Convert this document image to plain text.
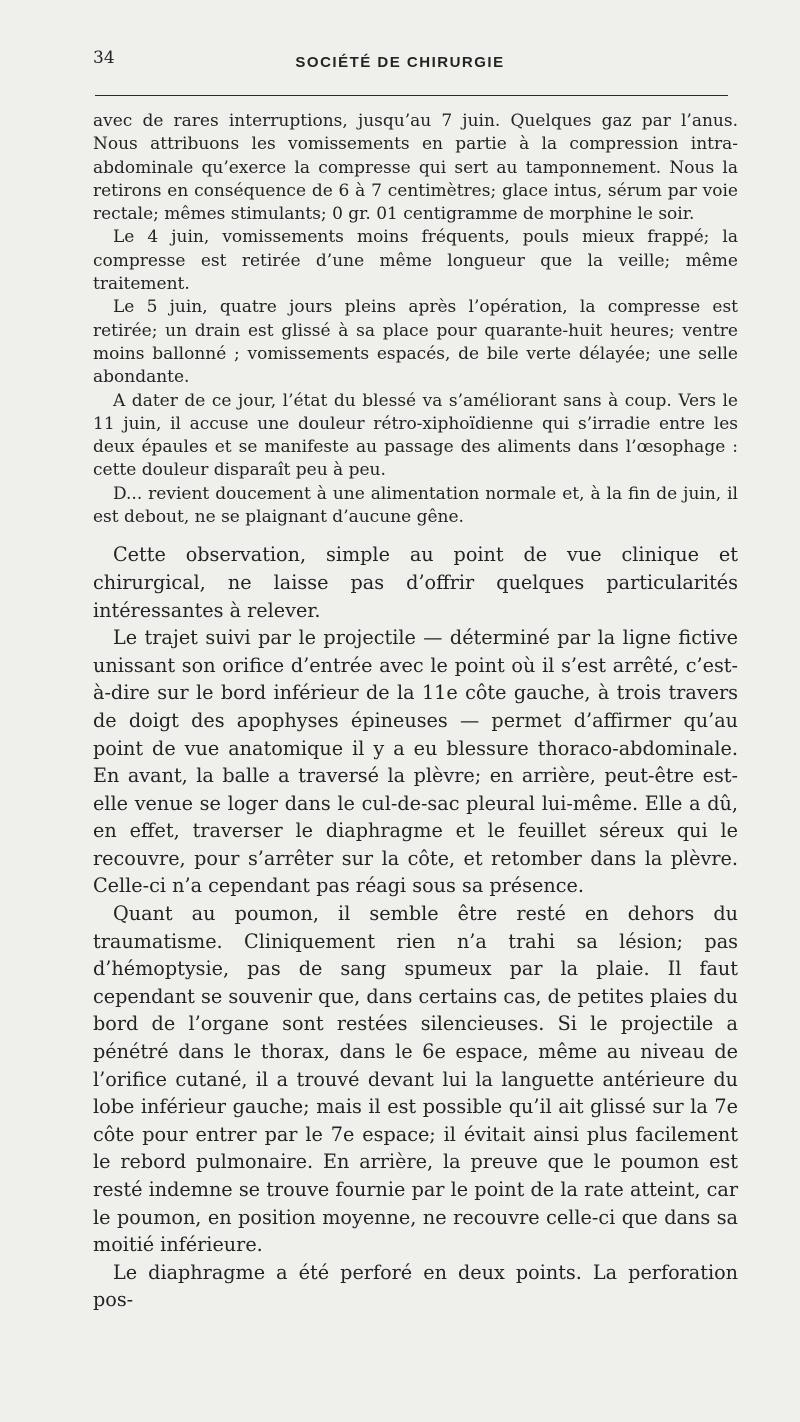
34	SOCIÉTÉ DE CHIRURGIE

avec de rares interruptions, jusqu’au 7 juin. Quelques gaz par l’anus. Nous attribuons les vomissements en partie à la compression intra-abdominale qu’exerce la compresse qui sert au tamponnement. Nous la retirons en conséquence de 6 à 7 centimètres; glace intus, sérum par voie rectale; mêmes stimulants; 0 gr. 01 centigramme de morphine le soir.

Le 4 juin, vomissements moins fréquents, pouls mieux frappé; la compresse est retirée d’une même longueur que la veille; même traitement.

Le 5 juin, quatre jours pleins après l’opération, la compresse est retirée; un drain est glissé à sa place pour quarante-huit heures; ventre moins ballonné ; vomissements espacés, de bile verte délayée; une selle abondante.

A dater de ce jour, l’état du blessé va s’améliorant sans à coup. Vers le 11 juin, il accuse une douleur rétro-xiphoïdienne qui s’irradie entre les deux épaules et se manifeste au passage des aliments dans l’œsophage : cette douleur disparaît peu à peu.

D... revient doucement à une alimentation normale et, à la fin de juin, il est debout, ne se plaignant d’aucune gêne.

Cette observation, simple au point de vue clinique et chirurgical, ne laisse pas d’offrir quelques particularités intéressantes à relever.

Le trajet suivi par le projectile — déterminé par la ligne fictive unissant son orifice d’entrée avec le point où il s’est arrêté, c’est-à-dire sur le bord inférieur de la 11e côte gauche, à trois travers de doigt des apophyses épineuses — permet d’affirmer qu’au point de vue anatomique il y a eu blessure thoraco-abdominale. En avant, la balle a traversé la plèvre; en arrière, peut-être est-elle venue se loger dans le cul-de-sac pleural lui-même. Elle a dû, en effet, traverser le diaphragme et le feuillet séreux qui le recouvre, pour s’arrêter sur la côte, et retomber dans la plèvre. Celle-ci n’a cependant pas réagi sous sa présence.

Quant au poumon, il semble être resté en dehors du traumatisme. Cliniquement rien n’a trahi sa lésion; pas d’hémoptysie, pas de sang spumeux par la plaie. Il faut cependant se souvenir que, dans certains cas, de petites plaies du bord de l’organe sont restées silencieuses. Si le projectile a pénétré dans le thorax, dans le 6e espace, même au niveau de l’orifice cutané, il a trouvé devant lui la languette antérieure du lobe inférieur gauche; mais il est possible qu’il ait glissé sur la 7e côte pour entrer par le 7e espace; il évitait ainsi plus facilement le rebord pulmonaire. En arrière, la preuve que le poumon est resté indemne se trouve fournie par le point de la rate atteint, car le poumon, en position moyenne, ne recouvre celle-ci que dans sa moitié inférieure.

Le diaphragme a été perforé en deux points. La perforation pos-
